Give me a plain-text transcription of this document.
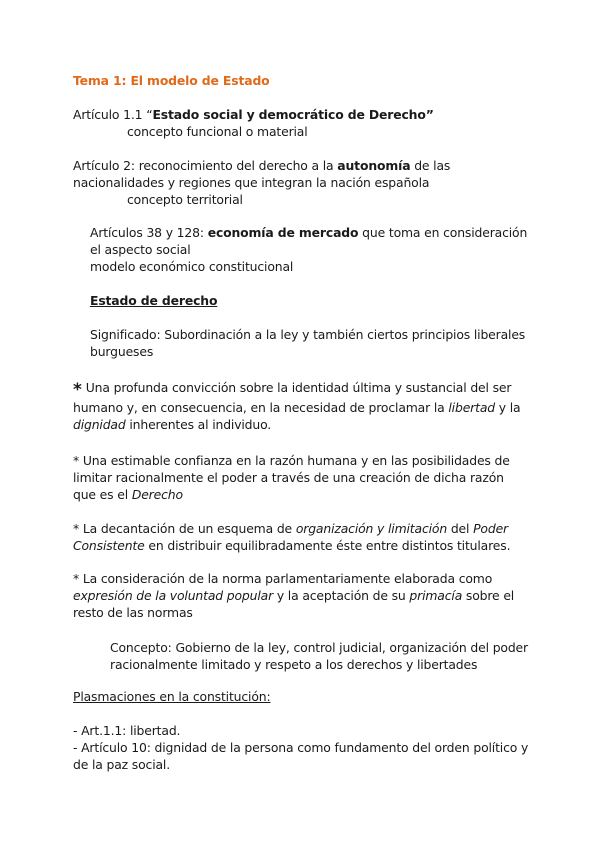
Tema 1: El modelo de Estado

Artículo 1.1 “Estado social y democrático de Derecho”
concepto funcional o material
Artículo 2: reconocimiento del derecho a la autonomía de las nacionalidades y regiones que integran la nación española
concepto territorial
Artículos 38 y 128: economía de mercado que toma en consideración el aspecto social
modelo económico constitucional
Estado de derecho
Significado: Subordinación a la ley y también ciertos principios liberales burgueses
* Una profunda convicción sobre la identidad última y sustancial del ser humano y, en consecuencia, en la necesidad de proclamar la libertad y la dignidad inherentes al individuo.
* Una estimable confianza en la razón humana y en las posibilidades de limitar racionalmente el poder a través de una creación de dicha razón que es el Derecho
* La decantación de un esquema de organización y limitación del Poder Consistente en distribuir equilibradamente éste entre distintos titulares.
* La consideración de la norma parlamentariamente elaborada como expresión de la voluntad popular y la aceptación de su primacía sobre el resto de las normas
Concepto: Gobierno de la ley, control judicial, organización del poder racionalmente limitado y respeto a los derechos y libertades
Plasmaciones en la constitución:
- Art.1.1: libertad.
- Artículo 10: dignidad de la persona como fundamento del orden político y de la paz social.
